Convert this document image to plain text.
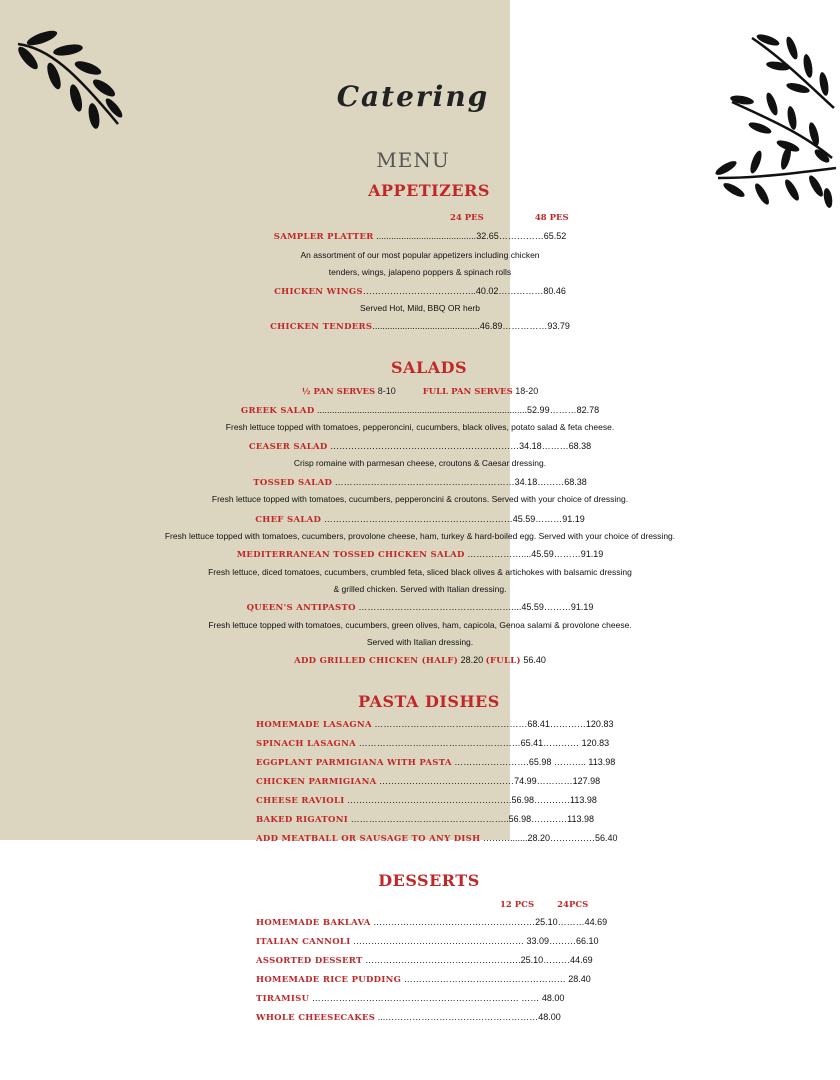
Catering
MENU
APPETIZERS
24 PES	48 PES
SAMPLER PLATTER ........................................32.65……………65.52
An assortment of our most popular appetizers including chicken
tenders, wings, jalapeno poppers & spinach rolls
CHICKEN WINGS………………………………..40.02……………80.46
Served Hot, Mild, BBQ OR herb
CHICKEN TENDERS...........................................46.89……………93.79
SALADS
½ PAN SERVES 8-10	FULL PAN SERVES 18-20
GREEK SALAD ....................................................................................52.99………82.78
Fresh lettuce topped with tomatoes, pepperoncini, cucumbers, black olives, potato salad & feta cheese.
CEASER SALAD ………………………………………………………34.18………68.38
Crisp romaine with parmesan cheese, croutons & Caesar dressing.
TOSSED SALAD ……………………………………………………34.18………68.38
Fresh lettuce topped with tomatoes, cucumbers, pepperoncini & croutons. Served with your choice of dressing.
CHEF SALAD ………………………………………………………45.59………91.19
Fresh lettuce topped with tomatoes, cucumbers, provolone cheese, ham, turkey & hard-boiled egg. Served with your choice of dressing.
MEDITERRANEAN TOSSED CHICKEN SALAD ………………....45.59………91.19
Fresh lettuce, diced tomatoes, cucumbers, crumbled feta, sliced black olives & artichokes with balsamic dressing
& grilled chicken. Served with Italian dressing.
QUEEN'S ANTIPASTO ……………………………………………....45.59………91.19
Fresh lettuce topped with tomatoes, cucumbers, green olives, ham, capicola, Genoa salami & provolone cheese.
Served with Italian dressing.
ADD GRILLED CHICKEN (HALF) 28.20 (FULL) 56.40
PASTA DISHES
HOMEMADE LASAGNA ……………………………………………68.41…………120.83
SPINACH LASAGNA ………………………………………………65.41………… 120.83
EGGPLANT PARMIGIANA WITH PASTA …………………….65.98 ……….. 113.98
CHICKEN PARMIGIANA ………………………………………74.99…………127.98
CHEESE RAVIOLI ……………………………………………….56.98…………113.98
BAKED RIGATONI ……………………………………………..56.98…………113.98
ADD MEATBALL OR SAUSAGE TO ANY DISH ……….......28.20……………56.40
DESSERTS
12 PCS	24PCS
HOMEMADE BAKLAVA ………………………………………………25.10………44.69
ITALIAN CANNOLI ………………………………………………… 33.09………66.10
ASSORTED DESSERT …………………………………………….25.10………44.69
HOMEMADE RICE PUDDING ……………………………………………… 28.40
TIRAMISU …………………………………………………………… …… 48.00
WHOLE CHEESECAKES ...……………………………………………48.00
